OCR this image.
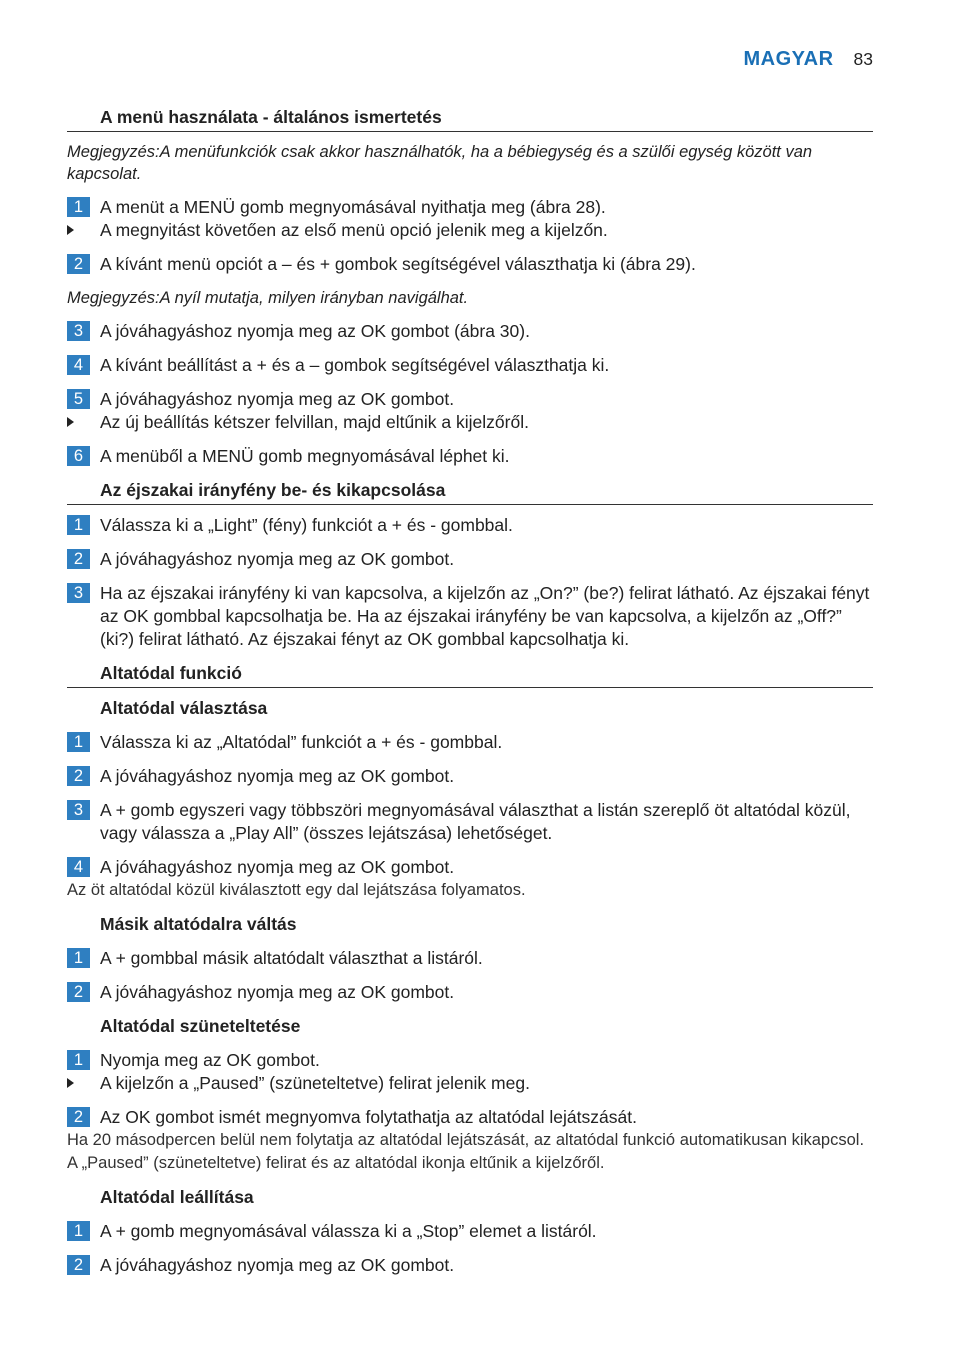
MAGYAR 83
A menü használata - általános ismertetés
Megjegyzés:A menüfunkciók csak akkor használhatók, ha a bébiegység és a szülői egység között van kapcsolat.
1 A menüt a MENÜ gomb megnyomásával nyithatja meg (ábra 28).
A megnyitást követően az első menü opció jelenik meg a kijelzőn.
2 A kívánt menü opciót a – és + gombok segítségével választhatja ki (ábra 29).
Megjegyzés:A nyíl mutatja, milyen irányban navigálhat.
3 A jóváhagyáshoz nyomja meg az OK gombot (ábra 30).
4 A kívánt beállítást a + és a – gombok segítségével választhatja ki.
5 A jóváhagyáshoz nyomja meg az OK gombot.
Az új beállítás kétszer felvillan, majd eltűnik a kijelzőről.
6 A menüből a MENÜ gomb megnyomásával léphet ki.
Az éjszakai irányfény be- és kikapcsolása
1 Válassza ki a „Light” (fény) funkciót a + és - gombbal.
2 A jóváhagyáshoz nyomja meg az OK gombot.
3 Ha az éjszakai irányfény ki van kapcsolva, a kijelzőn az „On?” (be?) felirat látható. Az éjszakai fényt az OK gombbal kapcsolhatja be. Ha az éjszakai irányfény be van kapcsolva, a kijelzőn az „Off?” (ki?) felirat látható. Az éjszakai fényt az OK gombbal kapcsolhatja ki.
Altatódal funkció
Altatódal választása
1 Válassza ki az „Altatódal” funkciót a + és - gombbal.
2 A jóváhagyáshoz nyomja meg az OK gombot.
3 A + gomb egyszeri vagy többszöri megnyomásával választhat a listán szereplő öt altatódal közül, vagy válassza a „Play All” (összes lejátszása) lehetőséget.
4 A jóváhagyáshoz nyomja meg az OK gombot.
Az öt altatódal közül kiválasztott egy dal lejátszása folyamatos.
Másik altatódalra váltás
1 A + gombbal másik altatódalt választhat a listáról.
2 A jóváhagyáshoz nyomja meg az OK gombot.
Altatódal szüneteltetése
1 Nyomja meg az OK gombot.
A kijelzőn a „Paused” (szüneteltetve) felirat jelenik meg.
2 Az OK gombot ismét megnyomva folytathatja az altatódal lejátszását.
Ha 20 másodpercen belül nem folytatja az altatódal lejátszását, az altatódal funkció automatikusan kikapcsol. A „Paused” (szüneteltetve) felirat és az altatódal ikonja eltűnik a kijelzőről.
Altatódal leállítása
1 A + gomb megnyomásával válassza ki a „Stop” elemet a listáról.
2 A jóváhagyáshoz nyomja meg az OK gombot.
